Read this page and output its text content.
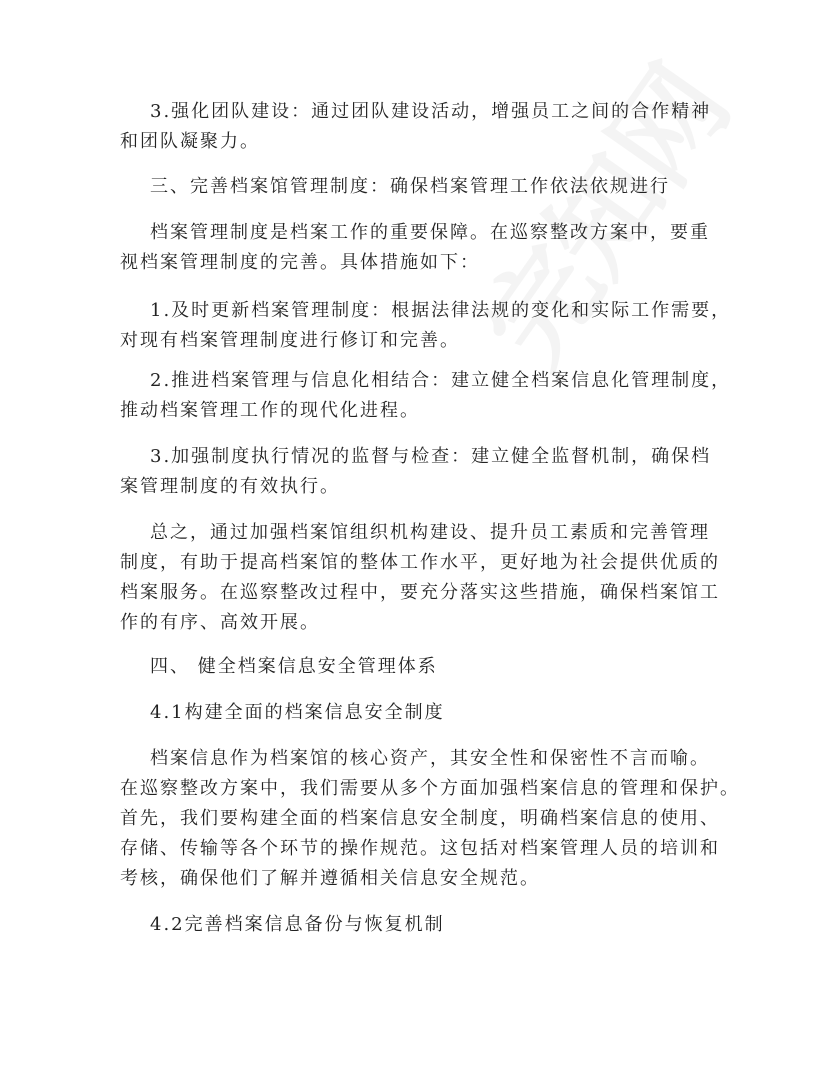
3.强化团队建设：通过团队建设活动，增强员工之间的合作精神
和团队凝聚力。
三、完善档案馆管理制度：确保档案管理工作依法依规进行
档案管理制度是档案工作的重要保障。在巡察整改方案中，要重
视档案管理制度的完善。具体措施如下：
1.及时更新档案管理制度：根据法律法规的变化和实际工作需要，
对现有档案管理制度进行修订和完善。
2.推进档案管理与信息化相结合：建立健全档案信息化管理制度，
推动档案管理工作的现代化进程。
3.加强制度执行情况的监督与检查：建立健全监督机制，确保档
案管理制度的有效执行。
总之，通过加强档案馆组织机构建设、提升员工素质和完善管理
制度，有助于提高档案馆的整体工作水平，更好地为社会提供优质的
档案服务。在巡察整改过程中，要充分落实这些措施，确保档案馆工
作的有序、高效开展。
四、 健全档案信息安全管理体系
4.1构建全面的档案信息安全制度
档案信息作为档案馆的核心资产，其安全性和保密性不言而喻。
在巡察整改方案中，我们需要从多个方面加强档案信息的管理和保护。
首先，我们要构建全面的档案信息安全制度，明确档案信息的使用、
存储、传输等各个环节的操作规范。这包括对档案管理人员的培训和
考核，确保他们了解并遵循相关信息安全规范。
4.2完善档案信息备份与恢复机制
